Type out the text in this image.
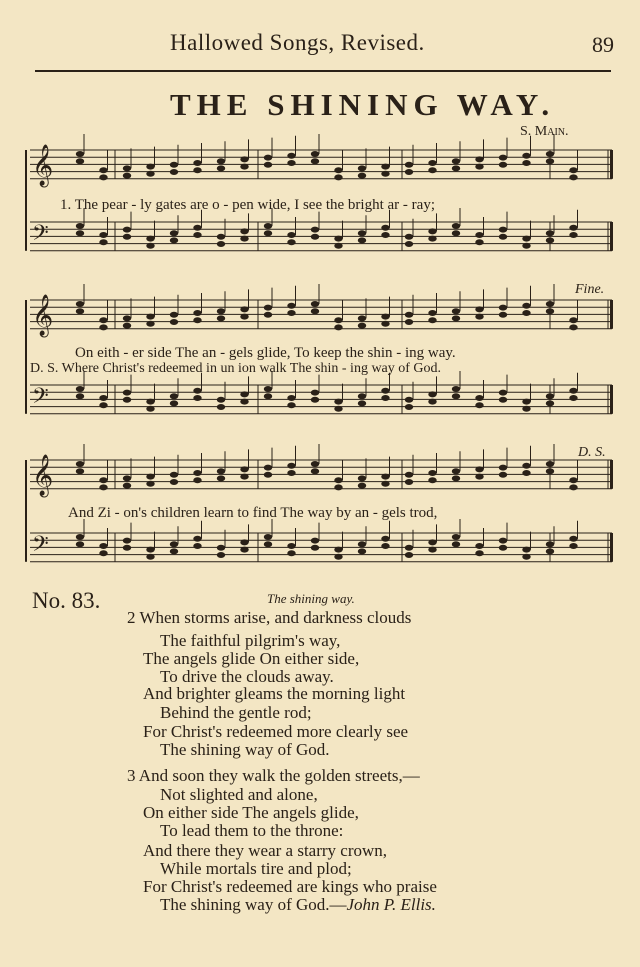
Hallowed Songs, Revised.	89
THE SHINING WAY.
S. Main.
𝄞
𝄢
𝄞
𝄢
𝄞
𝄢
1. The pear - ly gates are o - pen wide, I see the bright ar - ray;
On eith - er side The an - gels glide, To keep the shin - ing way.
D. S. Where Christ's redeemed in un ion walk The shin - ing way of God.
And Zi - on's children learn to find The way by an - gels trod,
Fine.
D. S.
No. 83.	The shining way.
2 When storms arise, and darkness clouds
The faithful pilgrim's way,
The angels glide On either side,
To drive the clouds away.
And brighter gleams the morning light
Behind the gentle rod;
For Christ's redeemed more clearly see
The shining way of God.
3 And soon they walk the golden streets,—
Not slighted and alone,
On either side The angels glide,
To lead them to the throne:
And there they wear a starry crown,
While mortals tire and plod;
For Christ's redeemed are kings who praise
The shining way of God.—John P. Ellis.
